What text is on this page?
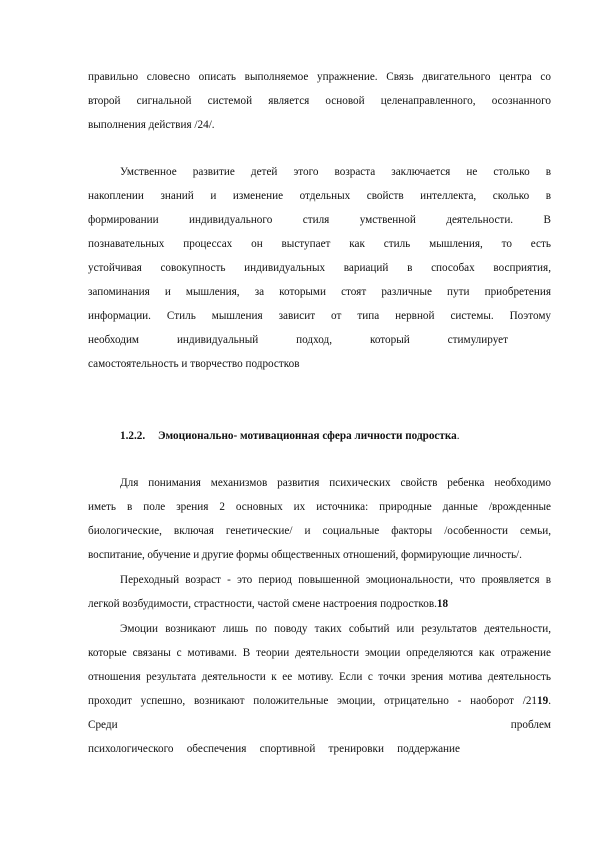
правильно словесно описать выполняемое упражнение. Связь двигательного центра со
второй сигнальной системой является основой целенаправленного, осознанного
выполнения действия /24/.
Умственное развитие детей этого возраста заключается не столько в
накоплении знаний и изменение отдельных свойств интеллекта, сколько в
формировании индивидуального стиля умственной деятельности. В
познавательных процессах он выступает как стиль мышления, то есть
устойчивая совокупность индивидуальных вариаций в способах восприятия,
запоминания и мышления, за которыми стоят различные пути приобретения
информации. Стиль мышления зависит от типа нервной системы. Поэтому
необходим индивидуальный подход, который стимулирует
самостоятельность и творчество подростков
1.2.2. Эмоционально- мотивационная сфера личности подростка.
Для понимания механизмов развития психических свойств ребенка необходимо
иметь в поле зрения 2 основных их источника: природные данные /врожденные
биологические, включая генетические/ и социальные факторы /особенности семьи,
воспитание, обучение и другие формы общественных отношений, формирующие личность/.
Переходный возраст - это период повышенной эмоциональности, что проявляется в
легкой возбудимости, страстности, частой смене настроения подростков.18
Эмоции возникают лишь по поводу таких событий или результатов деятельности,
которые связаны с мотивами. В теории деятельности эмоции определяются как отражение
отношения результата деятельности к ее мотиву. Если с точки зрения мотива деятельность
проходит успешно, возникают положительные эмоции, отрицательно - наоборот /2119.
Среди	проблем
психологического обеспечения спортивной тренировки поддержание
